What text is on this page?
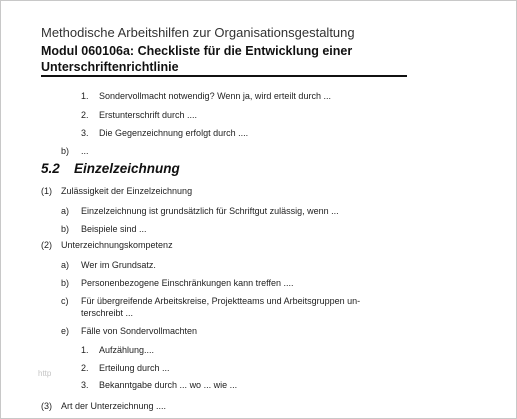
Methodische Arbeitshilfen zur Organisationsgestaltung
Modul 060106a: Checkliste für die Entwicklung einer
Unterschriftenrichtlinie
1. Sondervollmacht notwendig? Wenn ja, wird erteilt durch ...
2. Erstunterschrift durch ....
3. Die Gegenzeichnung erfolgt durch ....
b) ...
5.2 Einzelzeichnung
(1) Zulässigkeit der Einzelzeichnung
a) Einzelzeichnung ist grundsätzlich für Schriftgut zulässig, wenn ...
b) Beispiele sind ...
(2) Unterzeichnungskompetenz
a) Wer im Grundsatz.
b) Personenbezogene Einschränkungen kann treffen ....
c) Für übergreifende Arbeitskreise, Projektteams und Arbeitsgruppen un-
terschreibt ...
e) Fälle von Sondervollmachten
1. Aufzählung....
2. Erteilung durch ...
3. Bekanntgabe durch ... wo ... wie ...
(3) Art der Unterzeichnung ....
http
